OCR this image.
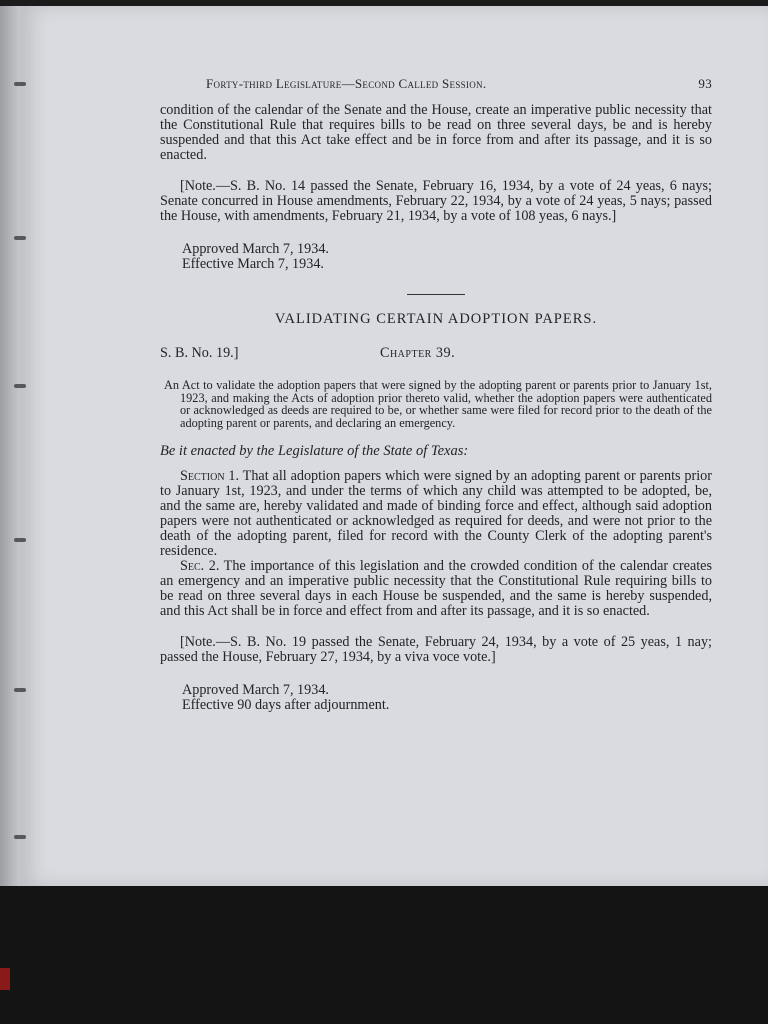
Forty-third Legislature—Second Called Session.	93

condition of the calendar of the Senate and the House, create an imperative public necessity that the Constitutional Rule that requires bills to be read on three several days, be and is hereby suspended and that this Act take effect and be in force from and after its passage, and it is so enacted.

[Note.—S. B. No. 14 passed the Senate, February 16, 1934, by a vote of 24 yeas, 6 nays; Senate concurred in House amendments, February 22, 1934, by a vote of 24 yeas, 5 nays; passed the House, with amendments, February 21, 1934, by a vote of 108 yeas, 6 nays.]

Approved March 7, 1934.

Effective March 7, 1934.

VALIDATING CERTAIN ADOPTION PAPERS.

S. B. No. 19.]	Chapter 39.

An Act to validate the adoption papers that were signed by the adopting parent or parents prior to January 1st, 1923, and making the Acts of adoption prior thereto valid, whether the adoption papers were authenticated or acknowledged as deeds are required to be, or whether same were filed for record prior to the death of the adopting parent or parents, and declaring an emergency.

Be it enacted by the Legislature of the State of Texas:

Section 1. That all adoption papers which were signed by an adopting parent or parents prior to January 1st, 1923, and under the terms of which any child was attempted to be adopted, be, and the same are, hereby validated and made of binding force and effect, although said adoption papers were not authenticated or acknowledged as required for deeds, and were not prior to the death of the adopting parent, filed for record with the County Clerk of the adopting parent's residence.

Sec. 2. The importance of this legislation and the crowded condition of the calendar creates an emergency and an imperative public necessity that the Constitutional Rule requiring bills to be read on three several days in each House be suspended, and the same is hereby suspended, and this Act shall be in force and effect from and after its passage, and it is so enacted.

[Note.—S. B. No. 19 passed the Senate, February 24, 1934, by a vote of 25 yeas, 1 nay; passed the House, February 27, 1934, by a viva voce vote.]

Approved March 7, 1934.

Effective 90 days after adjournment.
